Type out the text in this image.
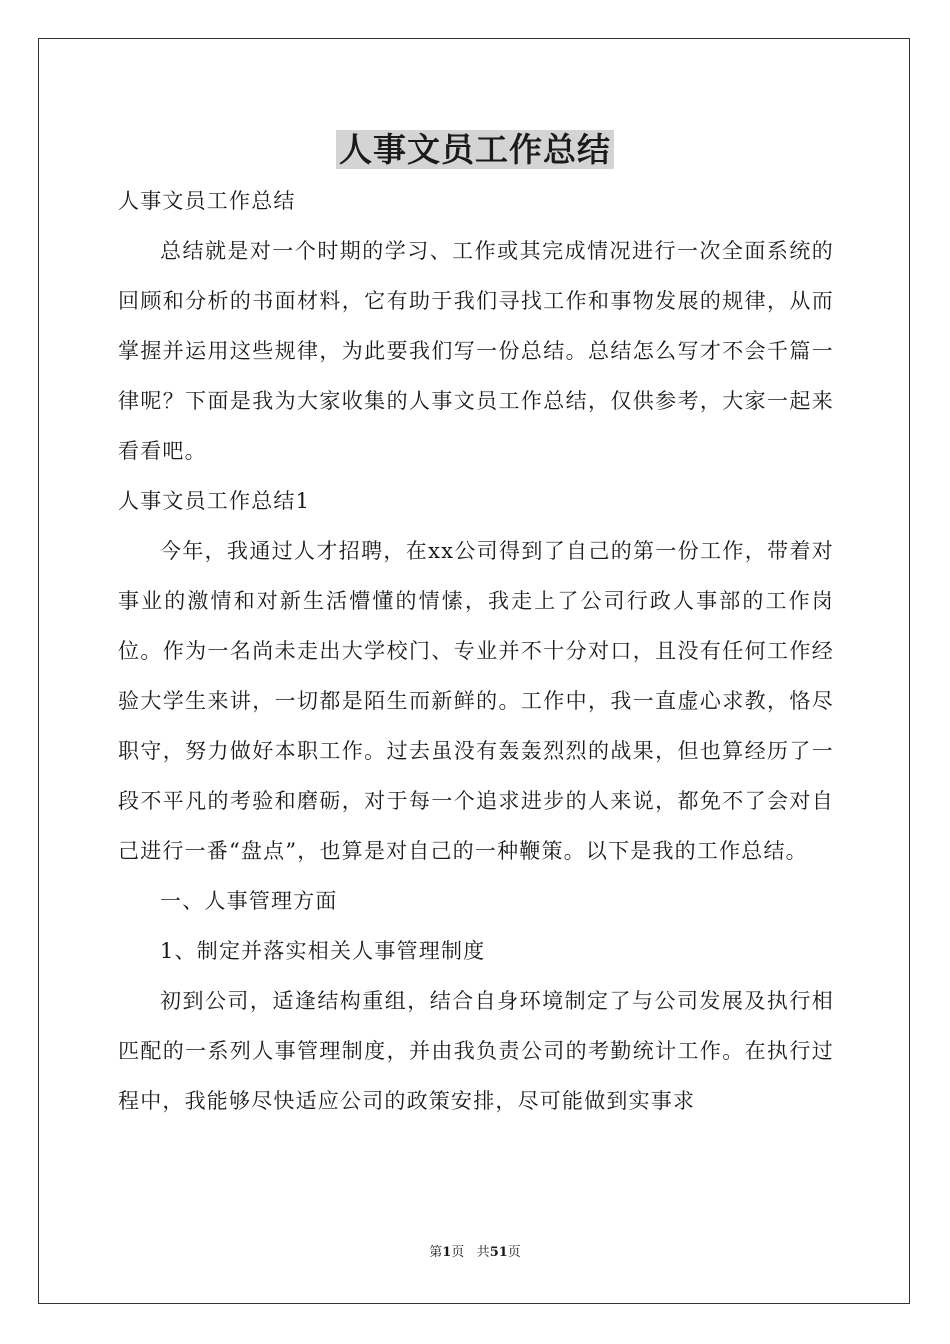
人事文员工作总结

人事文员工作总结

总结就是对一个时期的学习、工作或其完成情况进行一次全面系统的回顾和分析的书面材料，它有助于我们寻找工作和事物发展的规律，从而掌握并运用这些规律，为此要我们写一份总结。总结怎么写才不会千篇一律呢？下面是我为大家收集的人事文员工作总结，仅供参考，大家一起来看看吧。

人事文员工作总结1

今年，我通过人才招聘，在xx公司得到了自己的第一份工作，带着对事业的激情和对新生活懵懂的情愫，我走上了公司行政人事部的工作岗位。作为一名尚未走出大学校门、专业并不十分对口，且没有任何工作经验大学生来讲，一切都是陌生而新鲜的。工作中，我一直虚心求教，恪尽职守，努力做好本职工作。过去虽没有轰轰烈烈的战果，但也算经历了一段不平凡的考验和磨砺，对于每一个追求进步的人来说，都免不了会对自己进行一番“盘点”，也算是对自己的一种鞭策。以下是我的工作总结。

一、人事管理方面

1、制定并落实相关人事管理制度

初到公司，适逢结构重组，结合自身环境制定了与公司发展及执行相匹配的一系列人事管理制度，并由我负责公司的考勤统计工作。在执行过程中，我能够尽快适应公司的政策安排，尽可能做到实事求

第1页 共51页
